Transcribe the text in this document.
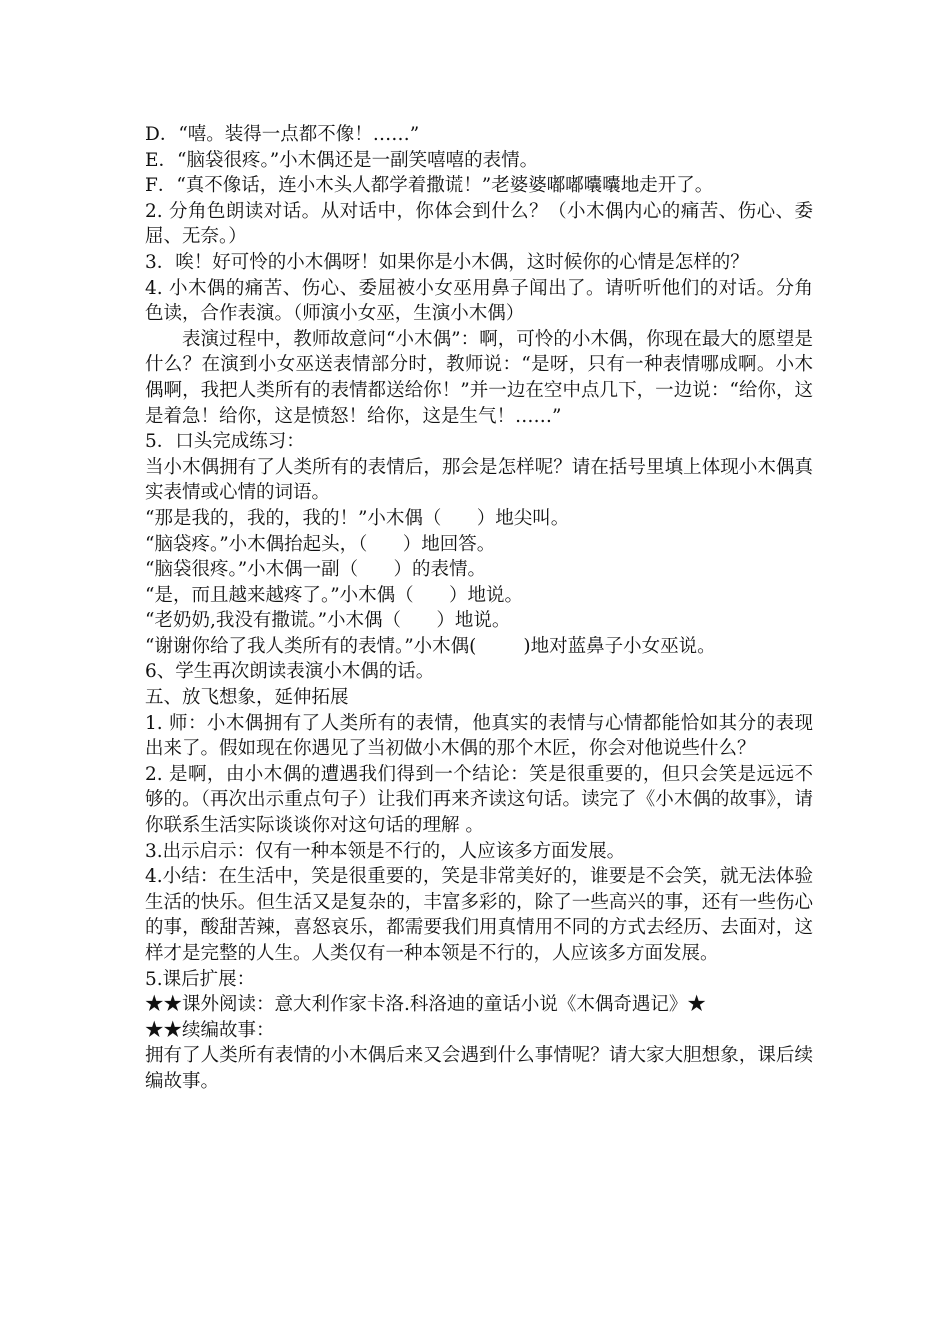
D．“嘻。装得一点都不像！……”

E．“脑袋很疼。”小木偶还是一副笑嘻嘻的表情。

F．“真不像话，连小木头人都学着撒谎！”老婆婆嘟嘟囔囔地走开了。

2. 分角色朗读对话。从对话中，你体会到什么？（小木偶内心的痛苦、伤心、委屈、无奈。）

3．唉！好可怜的小木偶呀！如果你是小木偶，这时候你的心情是怎样的？

4. 小木偶的痛苦、伤心、委屈被小女巫用鼻子闻出了。请听听他们的对话。分角色读，合作表演。（师演小女巫，生演小木偶）

表演过程中，教师故意问“小木偶”：啊，可怜的小木偶，你现在最大的愿望是什么？在演到小女巫送表情部分时，教师说：“是呀，只有一种表情哪成啊。小木偶啊，我把人类所有的表情都送给你！”并一边在空中点几下，一边说：“给你，这是着急！给你，这是愤怒！给你，这是生气！……”

5．口头完成练习：

当小木偶拥有了人类所有的表情后，那会是怎样呢？请在括号里填上体现小木偶真实表情或心情的词语。

“那是我的，我的，我的！”小木偶（      ）地尖叫。

“脑袋疼。”小木偶抬起头，（      ）地回答。

“脑袋很疼。”小木偶一副（      ）的表情。

“是，而且越来越疼了。”小木偶（      ）地说。

“老奶奶,我没有撒谎。”小木偶（      ）地说。

“谢谢你给了我人类所有的表情。”小木偶(        )地对蓝鼻子小女巫说。

6、学生再次朗读表演小木偶的话。

五、放飞想象，延伸拓展

1. 师：小木偶拥有了人类所有的表情，他真实的表情与心情都能恰如其分的表现出来了。假如现在你遇见了当初做小木偶的那个木匠，你会对他说些什么？

2. 是啊，由小木偶的遭遇我们得到一个结论：笑是很重要的，但只会笑是远远不够的。（再次出示重点句子）让我们再来齐读这句话。读完了《小木偶的故事》，请你联系生活实际谈谈你对这句话的理解 。

3.出示启示：仅有一种本领是不行的，人应该多方面发展。

4.小结：在生活中，笑是很重要的，笑是非常美好的，谁要是不会笑，就无法体验生活的快乐。但生活又是复杂的，丰富多彩的，除了一些高兴的事，还有一些伤心的事，酸甜苦辣，喜怒哀乐，都需要我们用真情用不同的方式去经历、去面对，这样才是完整的人生。人类仅有一种本领是不行的，人应该多方面发展。

5.课后扩展：

★★课外阅读：意大利作家卡洛.科洛迪的童话小说《木偶奇遇记》★

★★续编故事：

拥有了人类所有表情的小木偶后来又会遇到什么事情呢？请大家大胆想象，课后续编故事。
